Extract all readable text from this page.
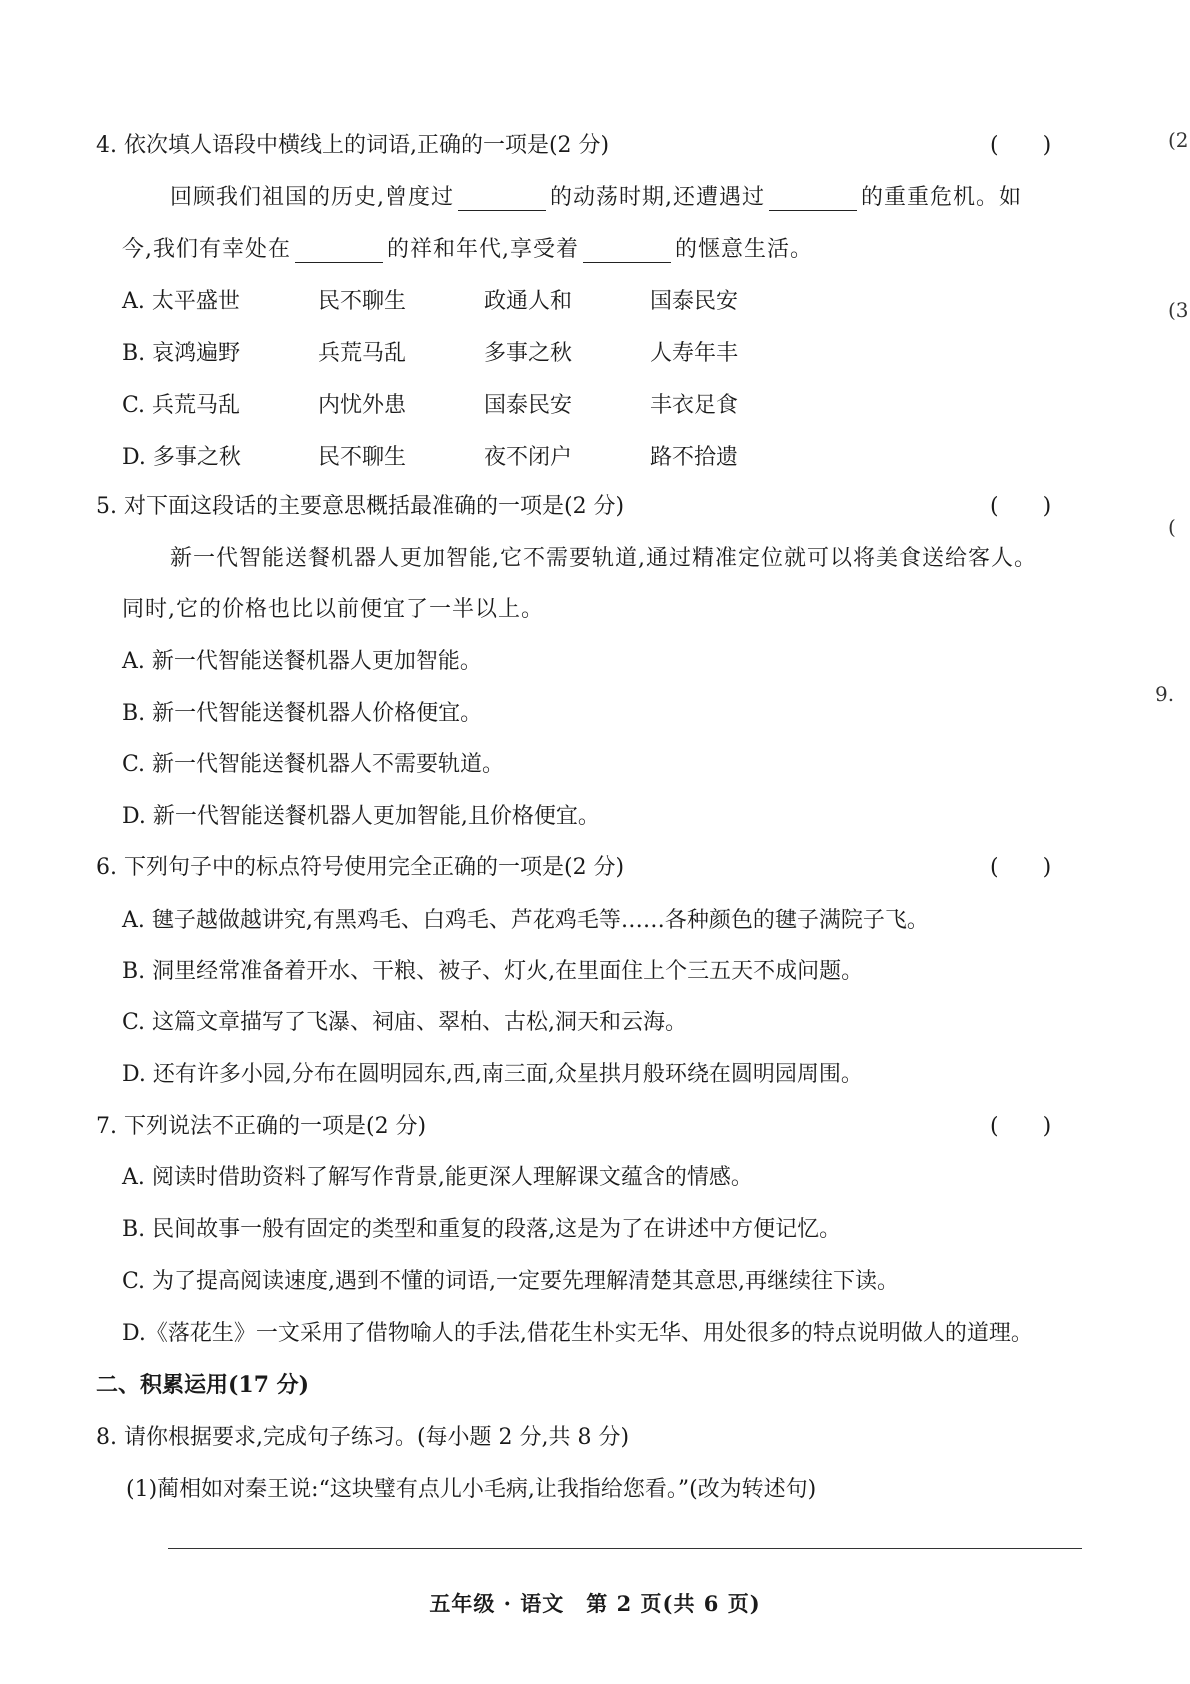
(2
(3
(
9.
4. 依次填人语段中横线上的词语,正确的一项是(2 分)	(　　)
回顾我们祖国的历史,曾度过	的动荡时期,还遭遇过	的重重危机。如
今,我们有幸处在	的祥和年代,享受着	的惬意生活。
A. 太平盛世	民不聊生	政通人和	国泰民安
B. 哀鸿遍野	兵荒马乱	多事之秋	人寿年丰
C. 兵荒马乱	内忧外患	国泰民安	丰衣足食
D. 多事之秋	民不聊生	夜不闭户	路不拾遗
5. 对下面这段话的主要意思概括最准确的一项是(2 分)	(　　)
新一代智能送餐机器人更加智能,它不需要轨道,通过精准定位就可以将美食送给客人。
同时,它的价格也比以前便宜了一半以上。
A. 新一代智能送餐机器人更加智能。
B. 新一代智能送餐机器人价格便宜。
C. 新一代智能送餐机器人不需要轨道。
D. 新一代智能送餐机器人更加智能,且价格便宜。
6. 下列句子中的标点符号使用完全正确的一项是(2 分)	(　　)
A. 毽子越做越讲究,有黑鸡毛、白鸡毛、芦花鸡毛等……各种颜色的毽子满院子飞。
B. 洞里经常准备着开水、干粮、被子、灯火,在里面住上个三五天不成问题。
C. 这篇文章描写了飞瀑、祠庙、翠柏、古松,洞天和云海。
D. 还有许多小园,分布在圆明园东,西,南三面,众星拱月般环绕在圆明园周围。
7. 下列说法不正确的一项是(2 分)	(　　)
A. 阅读时借助资料了解写作背景,能更深人理解课文蕴含的情感。
B. 民间故事一般有固定的类型和重复的段落,这是为了在讲述中方便记忆。
C. 为了提高阅读速度,遇到不懂的词语,一定要先理解清楚其意思,再继续往下读。
D.《落花生》一文采用了借物喻人的手法,借花生朴实无华、用处很多的特点说明做人的道理。
二、积累运用(17 分)
8. 请你根据要求,完成句子练习。(每小题 2 分,共 8 分)
(1)蔺相如对秦王说:“这块璧有点儿小毛病,让我指给您看。”(改为转述句)
五年级 · 语文　第 2 页(共 6 页)
